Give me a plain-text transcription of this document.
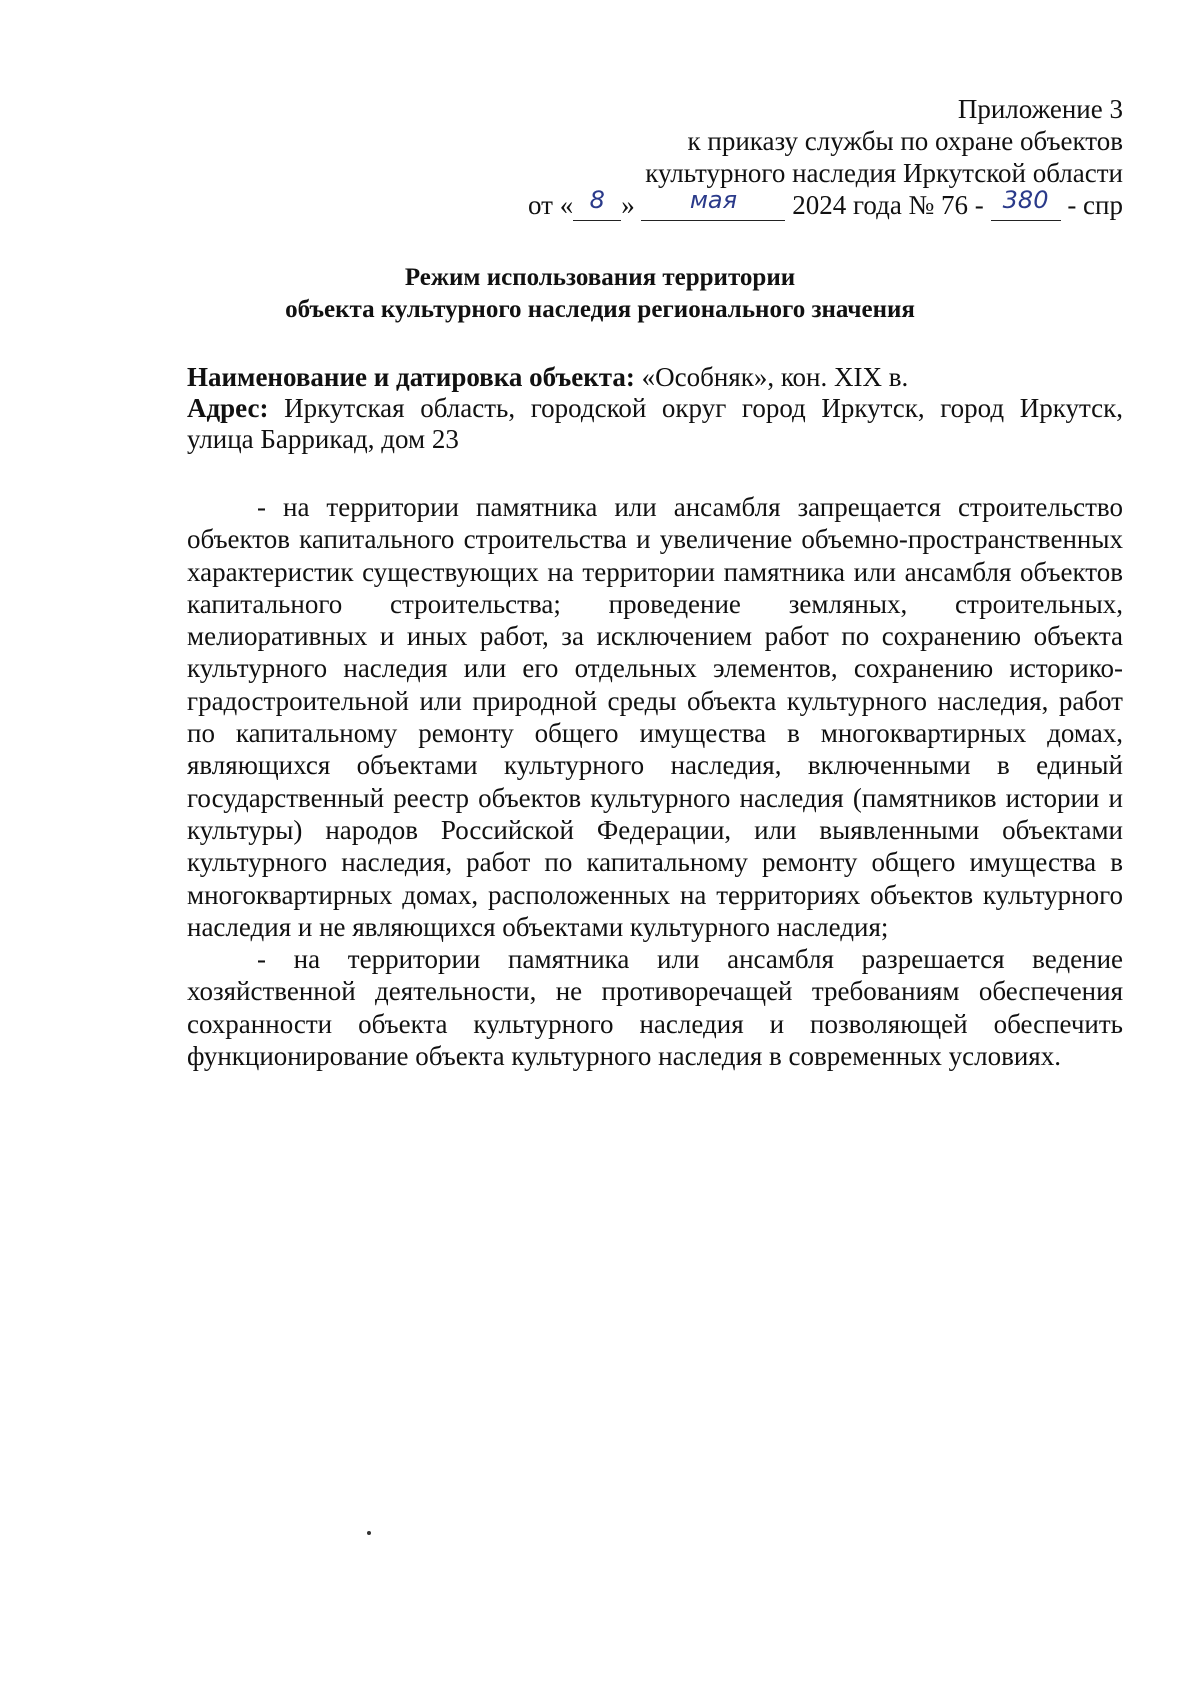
Приложение 3
к приказу службы по охране объектов
культурного наследия Иркутской области
от « 8 » мая 2024 года № 76 - 380 - спр
Режим использования территории
объекта культурного наследия регионального значения

Наименование и датировка объекта: «Особняк», кон. XIX в.

Адрес: Иркутская область, городской округ город Иркутск, город Иркутск, улица Баррикад, дом 23

- на территории памятника или ансамбля запрещается строительство объектов капитального строительства и увеличение объемно-пространственных характеристик существующих на территории памятника или ансамбля объектов капитального строительства; проведение земляных, строительных, мелиоративных и иных работ, за исключением работ по сохранению объекта культурного наследия или его отдельных элементов, сохранению историко-градостроительной или природной среды объекта культурного наследия, работ по капитальному ремонту общего имущества в многоквартирных домах, являющихся объектами культурного наследия, включенными в единый государственный реестр объектов культурного наследия (памятников истории и культуры) народов Российской Федерации, или выявленными объектами культурного наследия, работ по капитальному ремонту общего имущества в многоквартирных домах, расположенных на территориях объектов культурного наследия и не являющихся объектами культурного наследия;

- на территории памятника или ансамбля разрешается ведение хозяйственной деятельности, не противоречащей требованиям обеспечения сохранности объекта культурного наследия и позволяющей обеспечить функционирование объекта культурного наследия в современных условиях.
